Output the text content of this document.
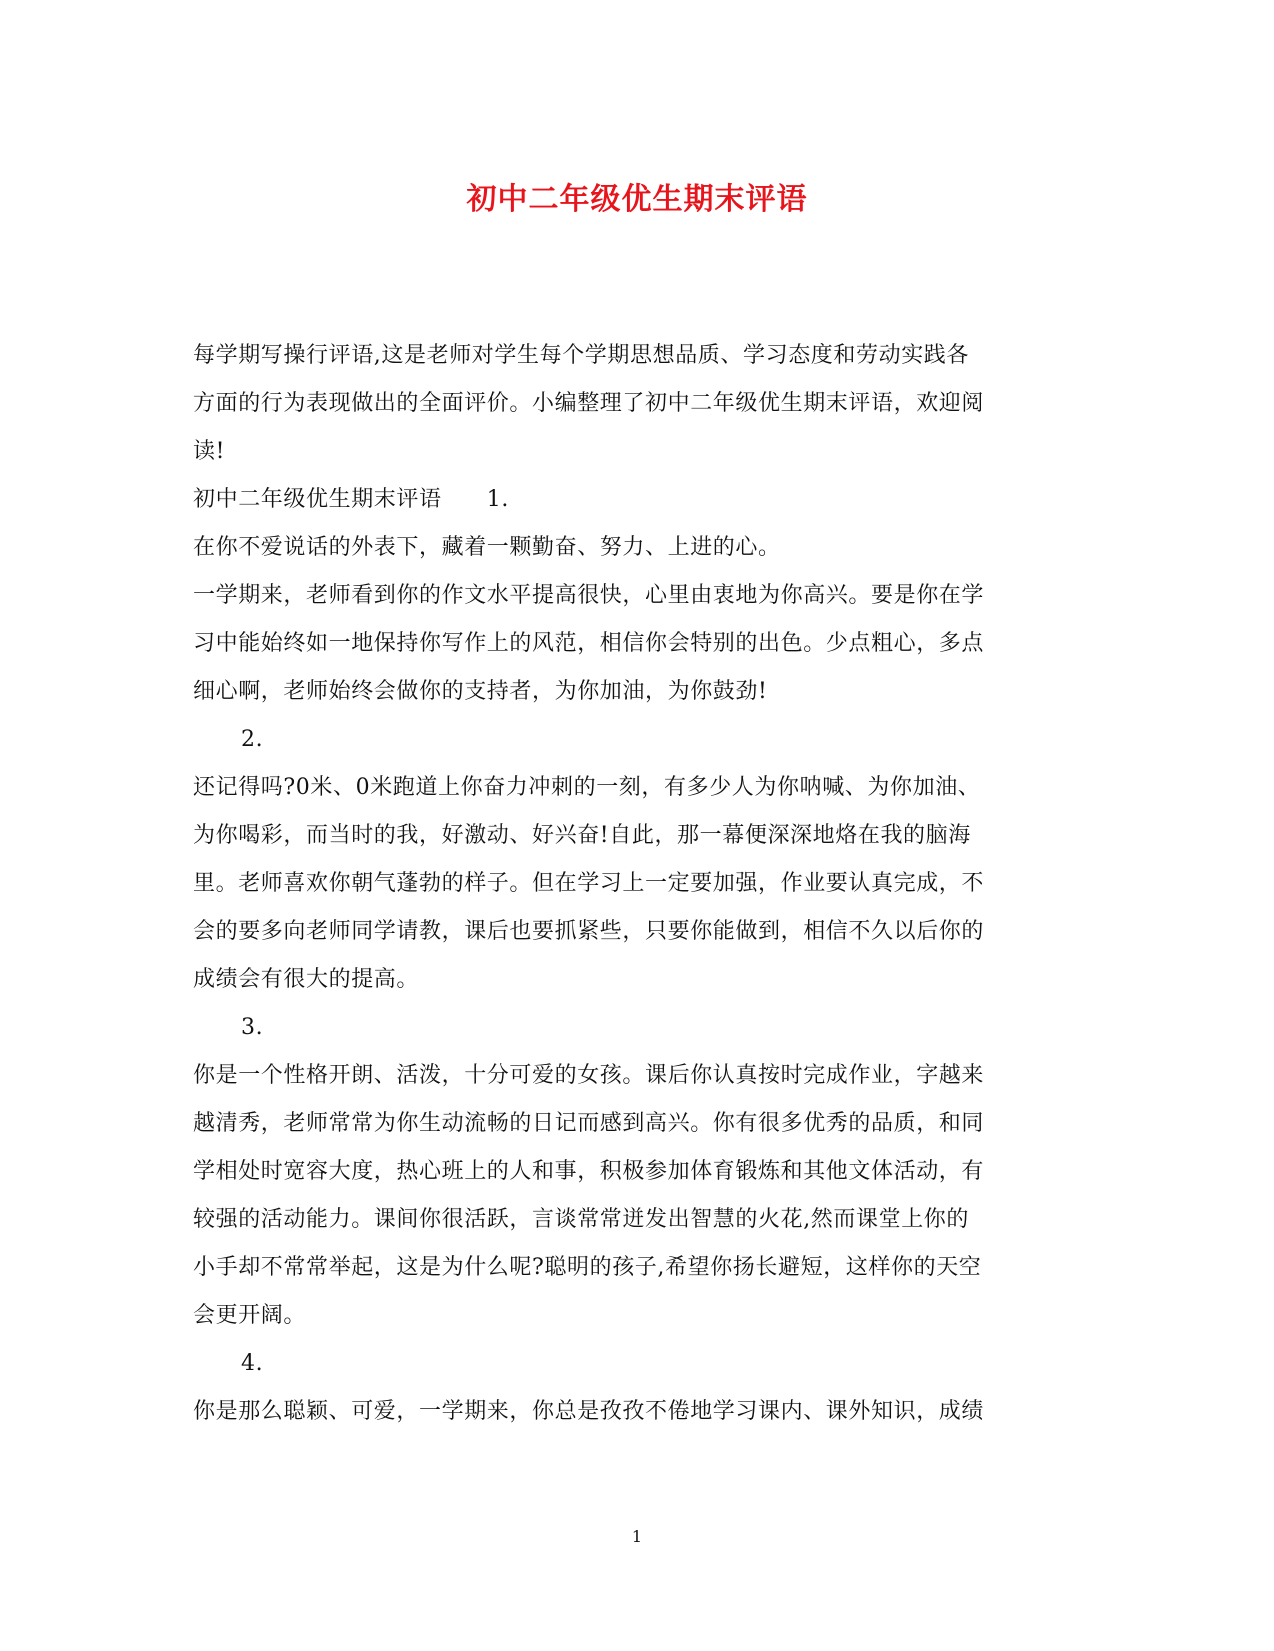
初中二年级优生期末评语
每学期写操行评语,这是老师对学生每个学期思想品质、学习态度和劳动实践各
方面的行为表现做出的全面评价。小编整理了初中二年级优生期末评语，欢迎阅
读!
初中二年级优生期末评语　　1.
在你不爱说话的外表下，藏着一颗勤奋、努力、上进的心。
一学期来，老师看到你的作文水平提高很快，心里由衷地为你高兴。要是你在学
习中能始终如一地保持你写作上的风范，相信你会特别的出色。少点粗心，多点
细心啊，老师始终会做你的支持者，为你加油，为你鼓劲!
2.
还记得吗?0米、0米跑道上你奋力冲刺的一刻，有多少人为你呐喊、为你加油、
为你喝彩，而当时的我，好激动、好兴奋!自此，那一幕便深深地烙在我的脑海
里。老师喜欢你朝气蓬勃的样子。但在学习上一定要加强，作业要认真完成，不
会的要多向老师同学请教，课后也要抓紧些，只要你能做到，相信不久以后你的
成绩会有很大的提高。
3.
你是一个性格开朗、活泼，十分可爱的女孩。课后你认真按时完成作业，字越来
越清秀，老师常常为你生动流畅的日记而感到高兴。你有很多优秀的品质，和同
学相处时宽容大度，热心班上的人和事，积极参加体育锻炼和其他文体活动，有
较强的活动能力。课间你很活跃，言谈常常迸发出智慧的火花,然而课堂上你的
小手却不常常举起，这是为什么呢?聪明的孩子,希望你扬长避短，这样你的天空
会更开阔。
4.
你是那么聪颖、可爱，一学期来，你总是孜孜不倦地学习课内、课外知识，成绩
1
